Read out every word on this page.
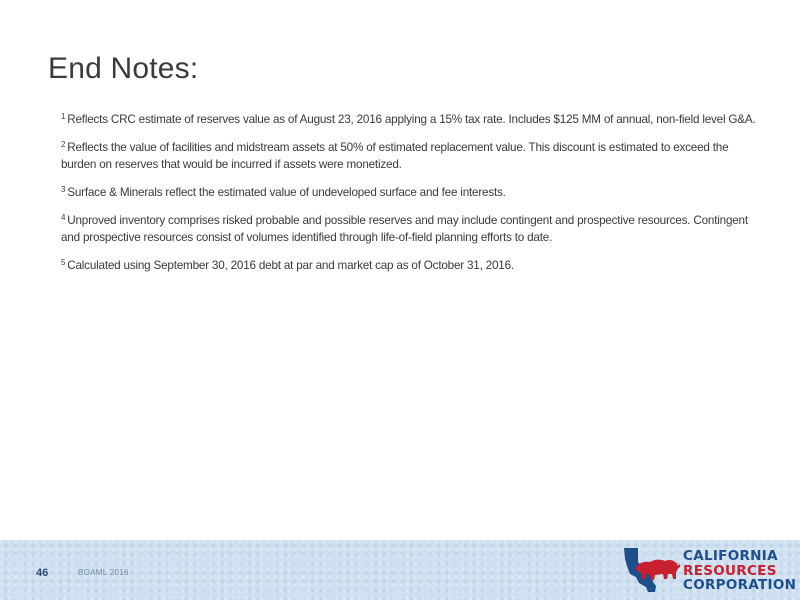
End Notes:

$^1$ Reflects CRC estimate of reserves value as of August 23, 2016 applying a 15% tax rate. Includes $125 MM of annual, non-field level G&A.

$^2$ Reflects the value of facilities and midstream assets at 50% of estimated replacement value. This discount is estimated to exceed the burden on reserves that would be incurred if assets were monetized.

$^3$ Surface & Minerals reflect the estimated value of undeveloped surface and fee interests.

$^4$ Unproved inventory comprises risked probable and possible reserves and may include contingent and prospective resources. Contingent and prospective resources consist of volumes identified through life-of-field planning efforts to date.

$^5$ Calculated using September 30, 2016 debt at par and market cap as of October 31, 2016.

46	BOAML 2016
CALIFORNIA
RESOURCES
CORPORATION
